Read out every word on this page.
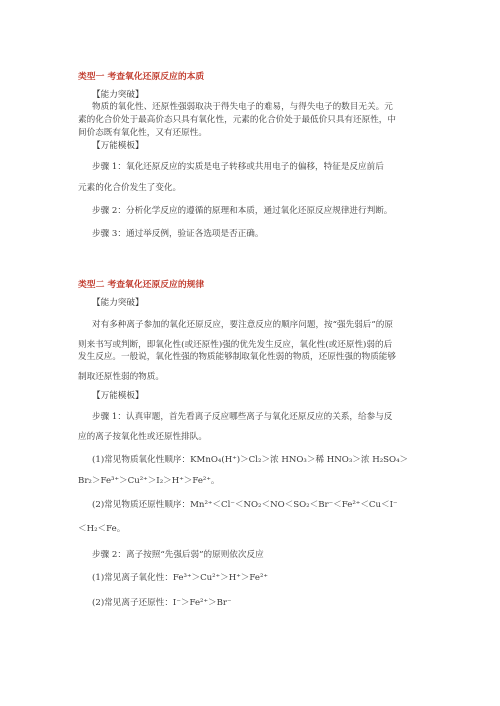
类型一 考查氧化还原反应的本质
【能力突破】
物质的氧化性、还原性强弱取决于得失电子的难易，与得失电子的数目无关。元
素的化合价处于最高价态只具有氧化性，元素的化合价处于最低价只具有还原性，中
间价态既有氧化性，又有还原性。
【万能模板】
步骤 1：氧化还原反应的实质是电子转移或共用电子的偏移，特征是反应前后
元素的化合价发生了变化。
步骤 2：分析化学反应的遵循的原理和本质，通过氧化还原反应规律进行判断。
步骤 3：通过举反例，验证各选项是否正确。
类型二 考查氧化还原反应的规律
【能力突破】
对有多种离子参加的氧化还原反应，要注意反应的顺序问题，按“强先弱后”的原
则来书写或判断，即氧化性(或还原性)强的优先发生反应，氧化性(或还原性)弱的后
发生反应。一般说，氧化性强的物质能够制取氧化性弱的物质，还原性强的物质能够
制取还原性弱的物质。
【万能模板】
步骤 1：认真审题，首先看离子反应哪些离子与氧化还原反应的关系，给参与反
应的离子按氧化性或还原性排队。
(1)常见物质氧化性顺序：KMnO₄(H⁺)＞Cl₂＞浓 HNO₃＞稀 HNO₃＞浓 H₂SO₄＞
Br₂＞Fe³⁺＞Cu²⁺＞I₂＞H⁺＞Fe²⁺。
(2)常见物质还原性顺序：Mn²⁺＜Cl⁻＜NO₂＜NO＜SO₂＜Br⁻＜Fe²⁺＜Cu＜I⁻
＜H₂＜Fe。
步骤 2：离子按照“先强后弱”的原则依次反应
(1)常见离子氧化性：Fe³⁺＞Cu²⁺＞H⁺＞Fe²⁺
(2)常见离子还原性：I⁻＞Fe²⁺＞Br⁻
